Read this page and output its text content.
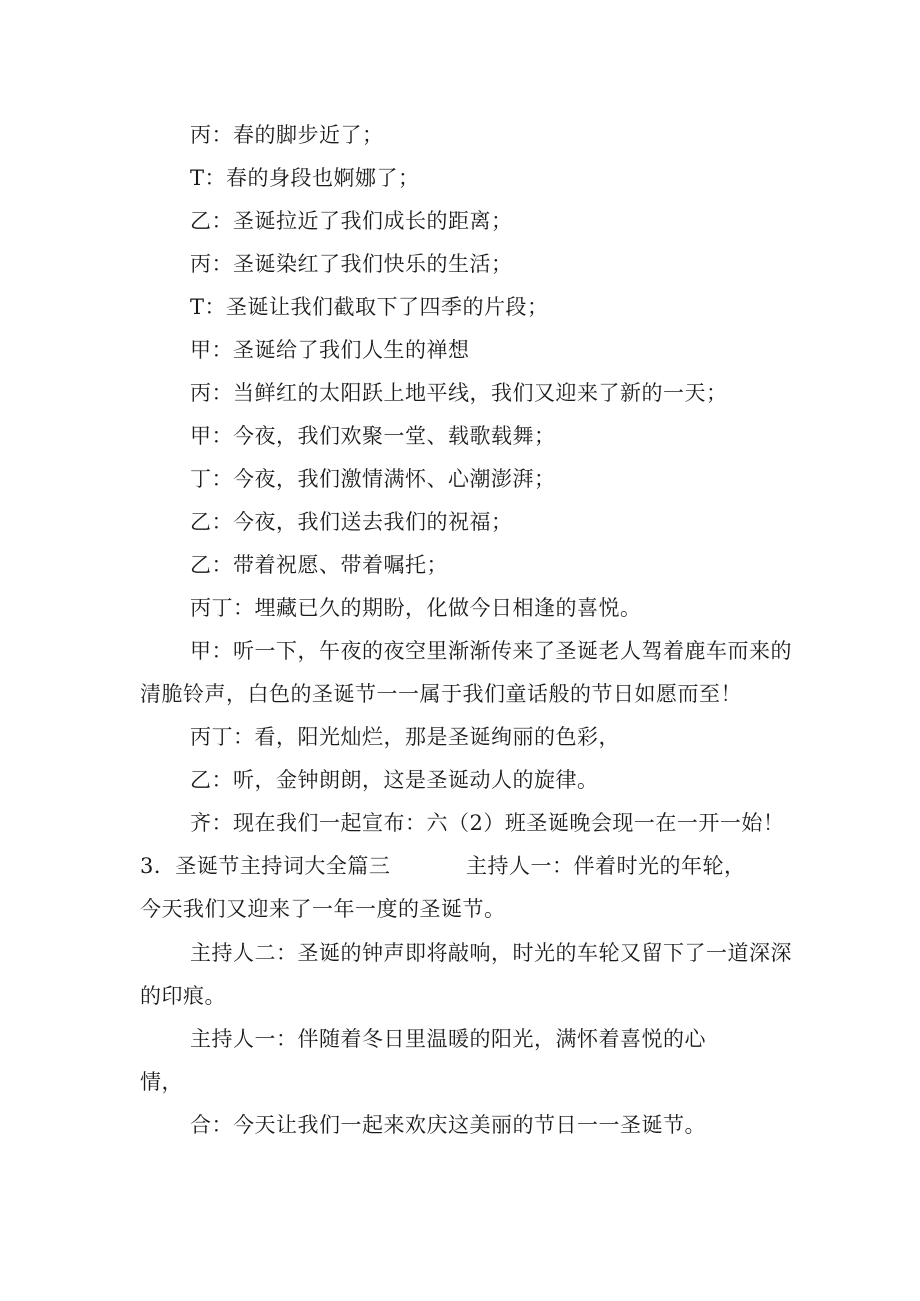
丙：春的脚步近了；
T：春的身段也婀娜了；
乙：圣诞拉近了我们成长的距离；
丙：圣诞染红了我们快乐的生活；
T：圣诞让我们截取下了四季的片段；
甲：圣诞给了我们人生的禅想
丙：当鲜红的太阳跃上地平线，我们又迎来了新的一天；
甲：今夜，我们欢聚一堂、载歌载舞；
丁：今夜，我们激情满怀、心潮澎湃；
乙：今夜，我们送去我们的祝福；
乙：带着祝愿、带着嘱托；
丙丁：埋藏已久的期盼，化做今日相逢的喜悦。
甲：听一下，午夜的夜空里渐渐传来了圣诞老人驾着鹿车而来的
清脆铃声，白色的圣诞节一一属于我们童话般的节日如愿而至！
丙丁：看，阳光灿烂，那是圣诞绚丽的色彩，
乙：听，金钟朗朗，这是圣诞动人的旋律。
齐：现在我们一起宣布：六（2）班圣诞晚会现一在一开一始！
3．圣诞节主持词大全篇三	主持人一：伴着时光的年轮，
今天我们又迎来了一年一度的圣诞节。
主持人二：圣诞的钟声即将敲响，时光的车轮又留下了一道深深
的印痕。
主持人一：伴随着冬日里温暖的阳光，满怀着喜悦的心
情，
合：今天让我们一起来欢庆这美丽的节日一一圣诞节。
